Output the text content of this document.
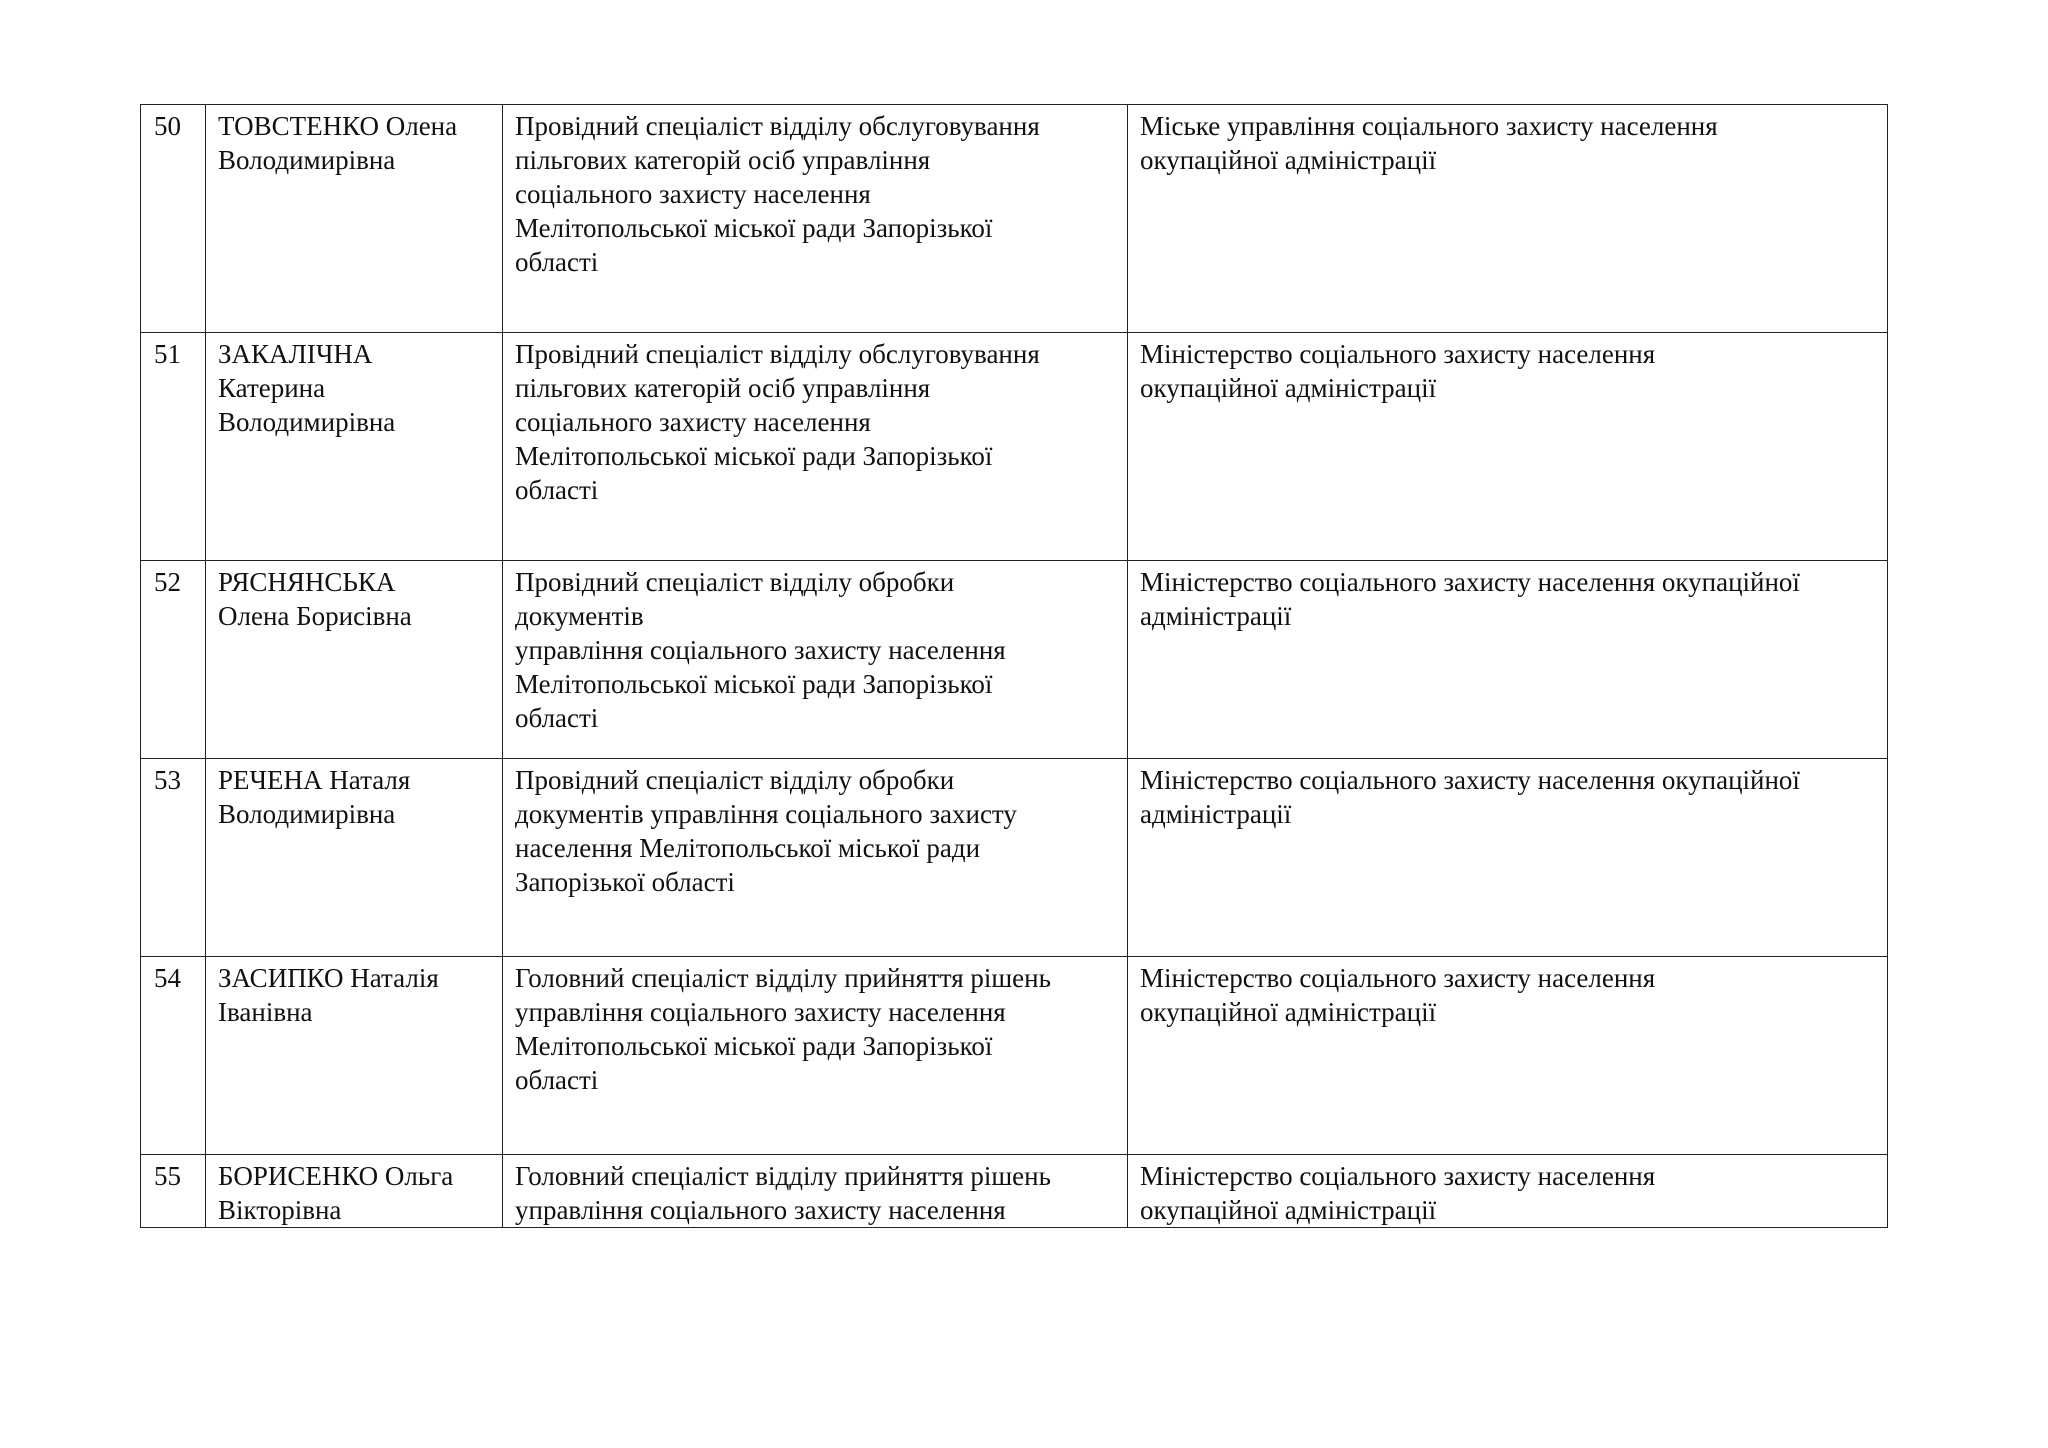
50	ТОВСТЕНКО Олена
Володимирівна	Провідний спеціаліст відділу обслуговування
пільгових категорій осіб управління
соціального захисту населення
Мелітопольської міської ради Запорізької
області	Міське управління соціального захисту населення
окупаційної адміністрації
51	ЗАКАЛІЧНА
Катерина
Володимирівна	Провідний спеціаліст відділу обслуговування
пільгових категорій осіб управління
соціального захисту населення
Мелітопольської міської ради Запорізької
області	Міністерство соціального захисту населення
окупаційної адміністрації
52	РЯСНЯНСЬКА
Олена Борисівна	Провідний спеціаліст відділу обробки
документів
управління соціального захисту населення
Мелітопольської міської ради Запорізької
області	Міністерство соціального захисту населення окупаційної
адміністрації
53	РЕЧЕНА Наталя
Володимирівна	Провідний спеціаліст відділу обробки
документів управління соціального захисту
населення Мелітопольської міської ради
Запорізької області	Міністерство соціального захисту населення окупаційної
адміністрації
54	ЗАСИПКО Наталія
Іванівна	Головний спеціаліст відділу прийняття рішень
управління соціального захисту населення
Мелітопольської міської ради Запорізької
області	Міністерство соціального захисту населення
окупаційної адміністрації
55	БОРИСЕНКО Ольга
Вікторівна	Головний спеціаліст відділу прийняття рішень
управління соціального захисту населення	Міністерство соціального захисту населення
окупаційної адміністрації
